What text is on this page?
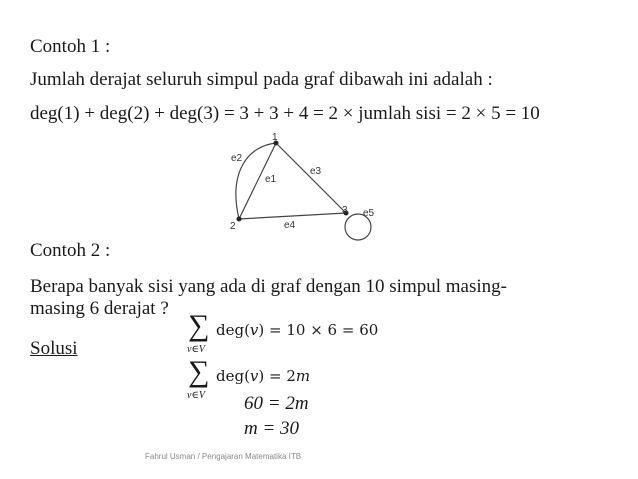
Contoh 1 :
Jumlah derajat seluruh simpul pada graf dibawah ini adalah :
deg(1) + deg(2) + deg(3) = 3 + 3 + 4 = 2 × jumlah sisi = 2 × 5 = 10
1
2
3
e1
e2
e3
e4
e5
Contoh 2 :
Berapa banyak sisi yang ada di graf dengan 10 simpul masing-
masing 6 derajat ?
Solusi
∑
v∈V
deg(𝑣) = 10 × 6 = 60
∑
v∈V
deg(𝑣) = 2𝑚
60 = 2m
m = 30
Fahrul Usman / Pengajaran Matematika ITB
